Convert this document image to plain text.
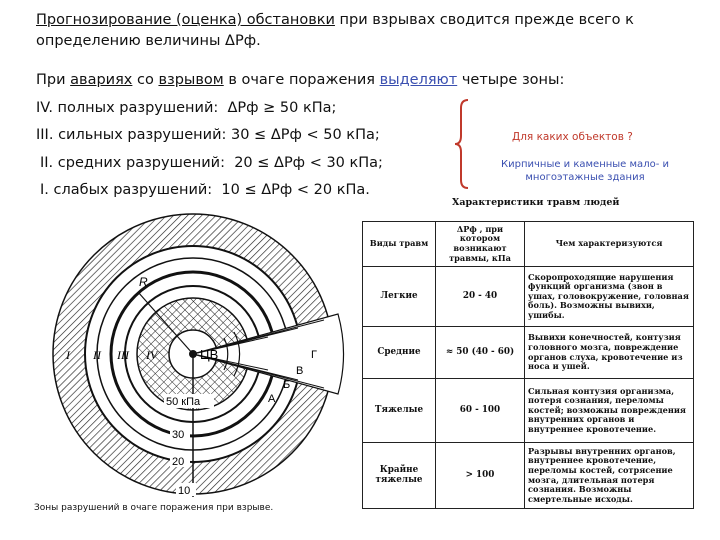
Прогнозирование (оценка) обстановки при взрывах сводится прежде всего к определению величины ΔРф.
При авариях со взрывом в очаге поражения выделяют четыре зоны:
IV. полных разрушений: ΔРф ≥ 50 кПа;
III. сильных разрушений: 30 ≤ ΔРф < 50 кПа;
II. средних разрушений: 20 ≤ ΔРф < 30 кПа;
I. слабых разрушений: 10 ≤ ΔРф < 20 кПа.
Для каких объектов ?
Кирпичные и каменные мало- и многоэтажные здания
ЦВ
R
I II III IV	Г
В
Б
А
50 кПа
30
20
10
Зоны разрушений в очаге поражения при взрыве.
Характеристики травм людей
Виды травм	ΔРф , при котором возникают травмы, кПа	Чем характеризуются
Легкие	20 - 40	Скоропроходящие нарушения функций организма (звон в ушах, головокружение, головная боль). Возможны вывихи, ушибы.
Средние	≈ 50 (40 - 60)	Вывихи конечностей, контузия головного мозга, повреждение органов слуха, кровотечение из носа и ушей.
Тяжелые	60 - 100	Сильная контузия организма, потеря сознания, переломы костей; возможны повреждения внутренних органов и внутреннее кровотечение.
Крайне тяжелые	> 100	Разрывы внутренних органов, внутреннее кровотечение, переломы костей, сотрясение мозга, длительная потеря сознания. Возможны смертельные исходы.
